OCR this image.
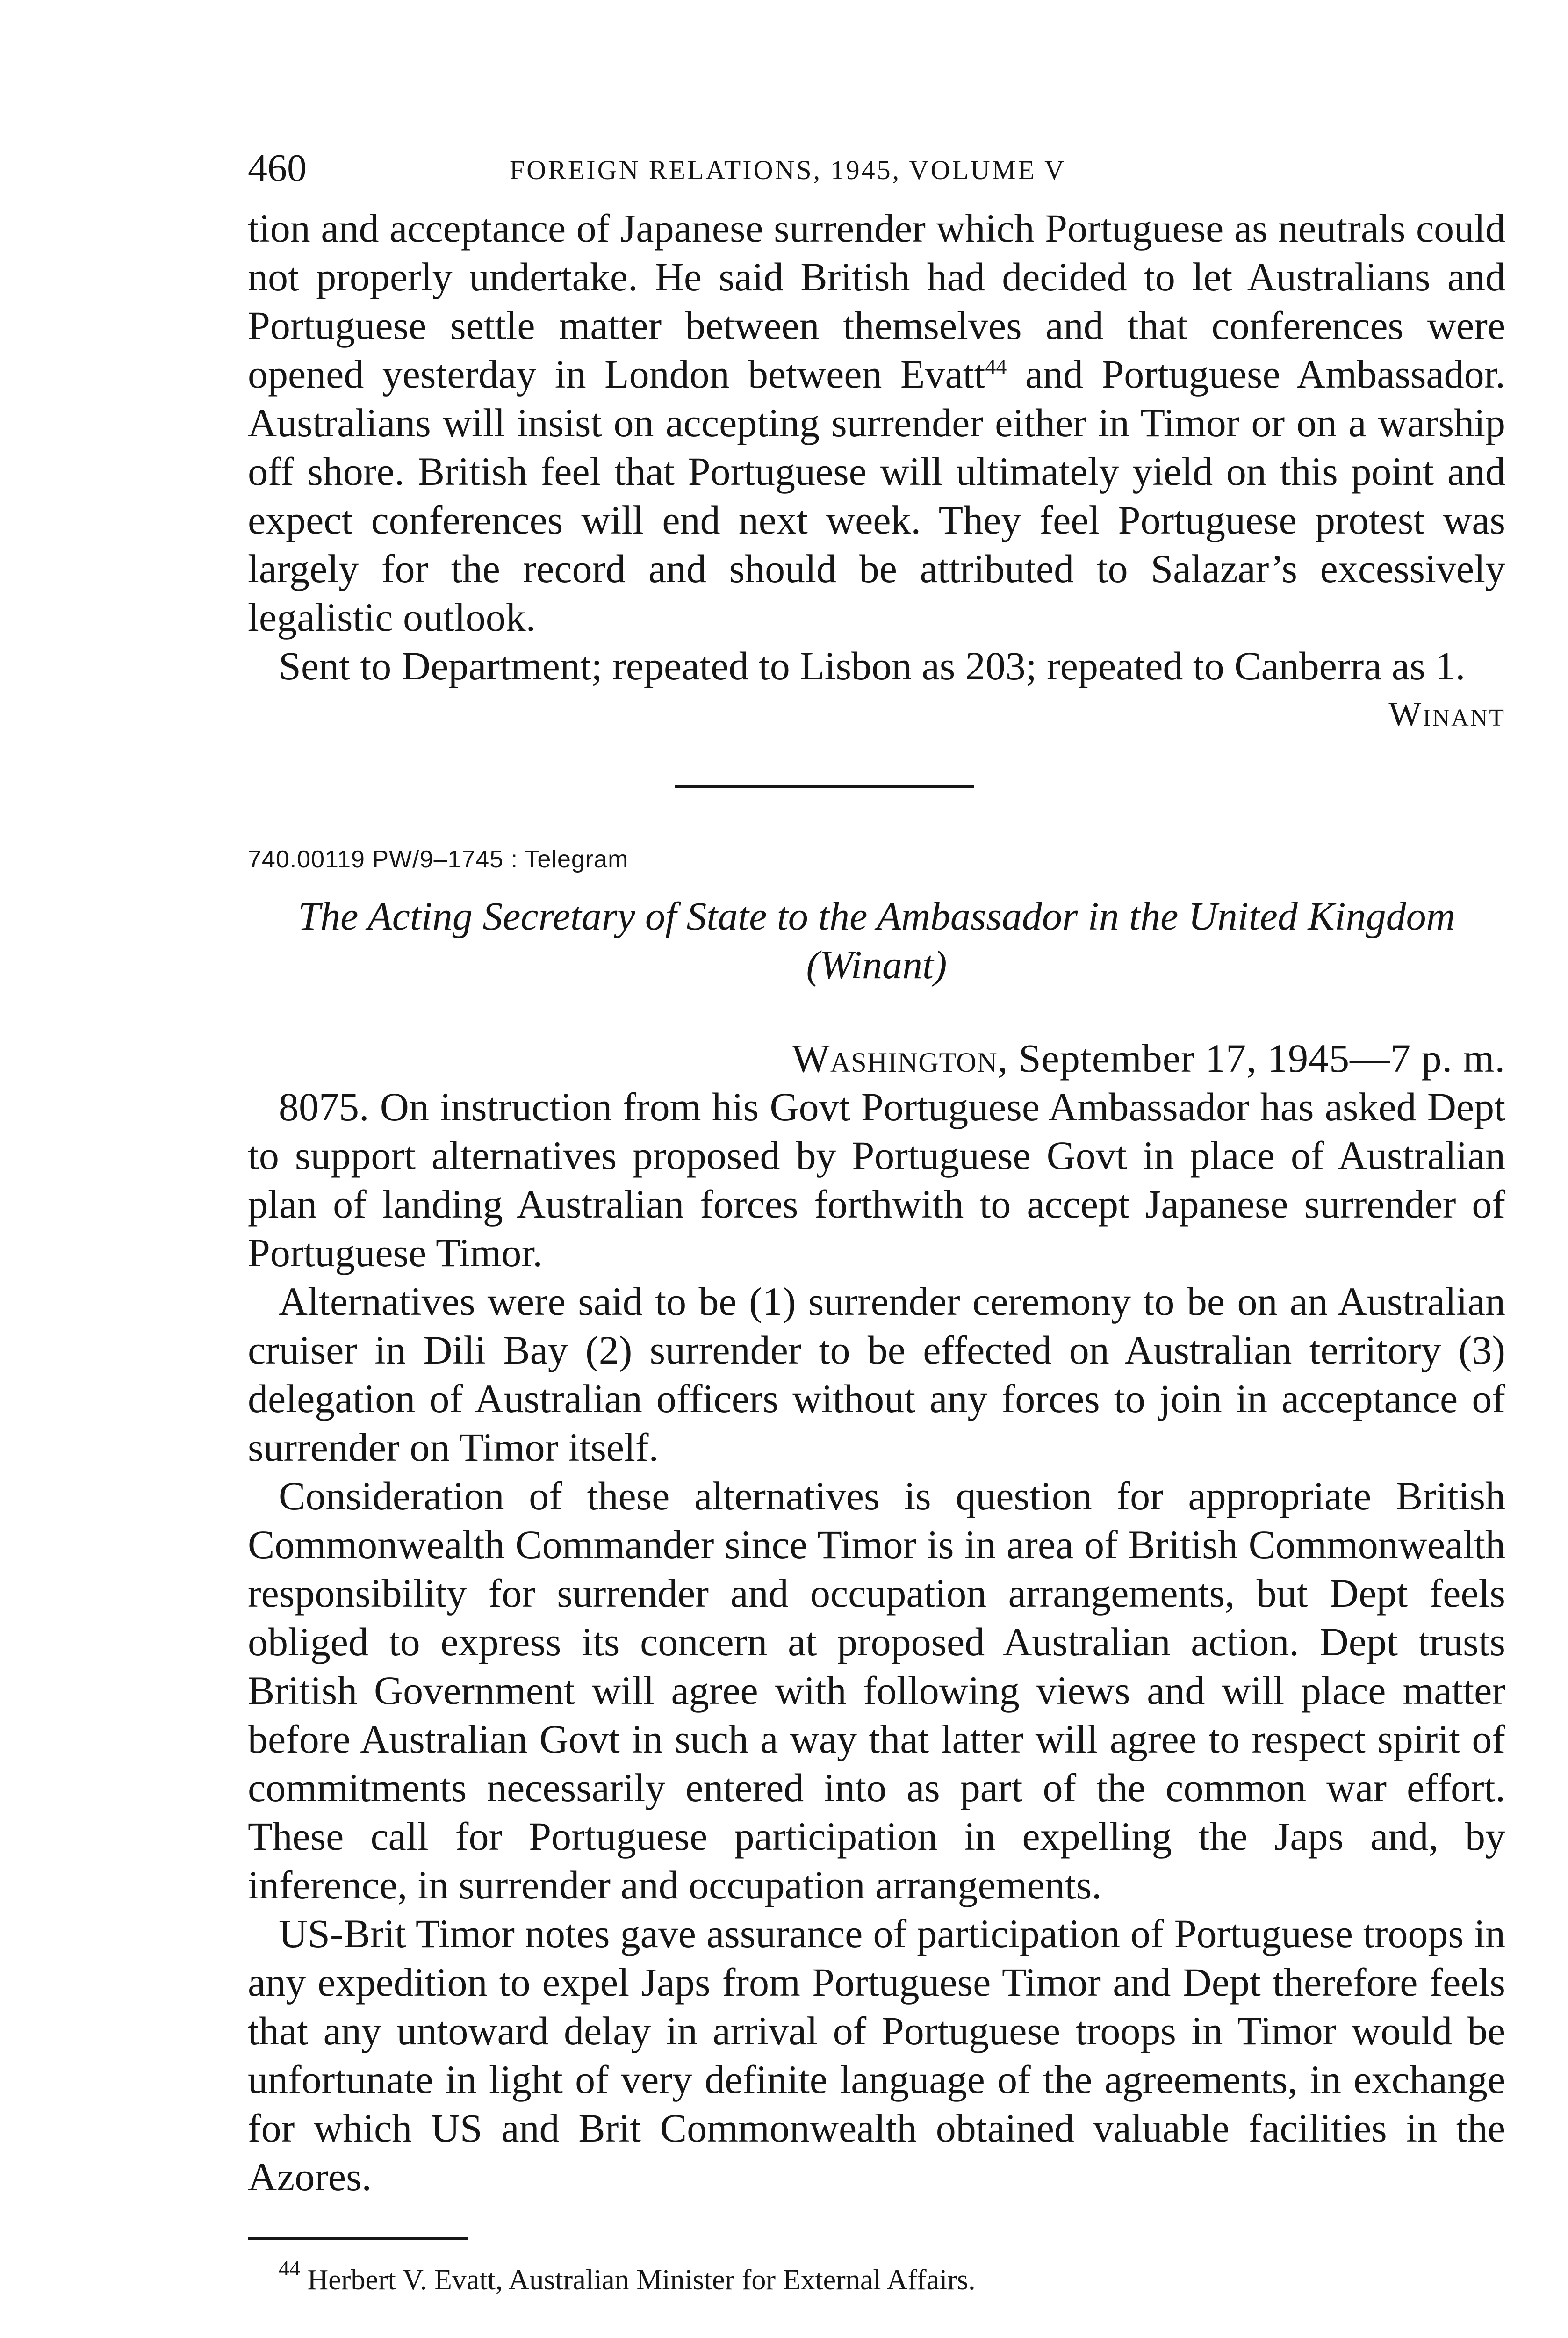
460	FOREIGN RELATIONS, 1945, VOLUME V

tion and acceptance of Japanese surrender which Portuguese as neutrals could not properly undertake. He said British had decided to let Australians and Portuguese settle matter between themselves and that conferences were opened yesterday in London between Evatt$^{44}$ and Portuguese Ambassador. Australians will insist on accepting surrender either in Timor or on a warship off shore. British feel that Portuguese will ultimately yield on this point and expect conferences will end next week. They feel Portuguese protest was largely for the record and should be attributed to Salazar’s excessively legalistic outlook.

Sent to Department; repeated to Lisbon as 203; repeated to Canberra as 1.

Winant
740.00119 PW/9–1745 : Telegram
The Acting Secretary of State to the Ambassador in the United Kingdom (Winant)
Washington, September 17, 1945—7 p. m.

8075. On instruction from his Govt Portuguese Ambassador has asked Dept to support alternatives proposed by Portuguese Govt in place of Australian plan of landing Australian forces forthwith to accept Japanese surrender of Portuguese Timor.

Alternatives were said to be (1) surrender ceremony to be on an Australian cruiser in Dili Bay (2) surrender to be effected on Australian territory (3) delegation of Australian officers without any forces to join in acceptance of surrender on Timor itself.

Consideration of these alternatives is question for appropriate British Commonwealth Commander since Timor is in area of British Commonwealth responsibility for surrender and occupation arrangements, but Dept feels obliged to express its concern at proposed Australian action. Dept trusts British Government will agree with following views and will place matter before Australian Govt in such a way that latter will agree to respect spirit of commitments necessarily entered into as part of the common war effort. These call for Portuguese participation in expelling the Japs and, by inference, in surrender and occupation arrangements.

US-Brit Timor notes gave assurance of participation of Portuguese troops in any expedition to expel Japs from Portuguese Timor and Dept therefore feels that any untoward delay in arrival of Portuguese troops in Timor would be unfortunate in light of very definite language of the agreements, in exchange for which US and Brit Commonwealth obtained valuable facilities in the Azores.

$^{44}$ Herbert V. Evatt, Australian Minister for External Affairs.
